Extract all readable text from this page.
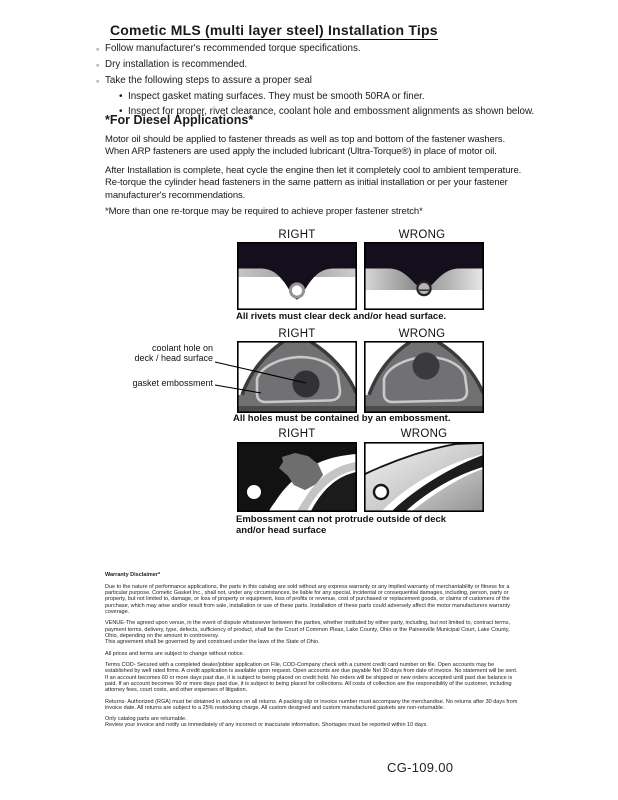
Cometic MLS (multi layer steel) Installation Tips
◦
Follow manufacturer's recommended torque specifications.
◦
Dry installation is recommended.
◦
Take the following steps to assure a proper seal
•
Inspect gasket mating surfaces. They must be smooth 50RA or finer.
•
Inspect for proper, rivet clearance, coolant hole and embossment alignments as shown below.
*For Diesel Applications*
Motor oil should be applied to fastener threads as well as top and bottom of the fastener washers. When ARP fasteners are used apply the included lubricant (Ultra-Torque®) in place of motor oil.
After Installation is complete, heat cycle the engine then let it completely cool to ambient temperature. Re-torque the cylinder head fasteners in the same pattern as initial installation or per your fastener manufacturer's recommendations.
*More than one re-torque may be required to achieve proper fastener stretch*
RIGHT	WRONG
All rivets must clear deck and/or head surface.
RIGHT	WRONG
coolant hole on
deck / head surface
gasket embossment
All holes must be contained by an embossment.
RIGHT	WRONG
Embossment can not protrude outside of deck
and/or head surface
Warranty Disclaimer*
Due to the nature of performance applications, the parts in this catalog are sold without any express warranty or any implied warranty of merchantability or fitness for a particular purpose. Cometic Gasket Inc., shall not, under any circumstances, be liable for any special, incidental or consequential damages, including, person, party or property, but not limited to, damage, or loss of property or equipment, loss of profits or revenue, cost of purchased or replacement goods, or claims of customers of the purchase, which may arise and/or result from sale, installation or use of these parts. Installation of these parts could adversely affect the motor manufacturers warranty coverage.
VENUE-The agreed upon venue, in the event of dispute whatsoever between the parties, whether instituted by either party, including, but not limited to, contract terms, payment terms, delivery, type, defects, sufficiency of product, shall be the Court of Common Pleas, Lake County, Ohio or the Painesville Municipal Court, Lake County, Ohio, depending on the amount in controversy.
This agreement shall be governed by and construed under the laws of the State of Ohio.
All prices and terms are subject to change without notice.
Terms COD- Secured with a completed dealer/jobber application on File, COD-Company check with a current credit card number on file. Open accounts may be established by well rated firms. A credit application is available upon request. Open accounts are due payable Net 30 days from date of invoice. No statement will be sent. If an account becomes 60 or more days past due, it is subject to being placed on credit hold. No orders will be shipped or new orders accepted until past due balance is paid. If an account becomes 90 or more days past due, it is subject to being placed for collections. All costs of collection are the responsibility of the customer, including attorney fees, court costs, and other expenses of litigation.
Returns- Authorized (RGA) must be obtained in advance on all returns. A packing slip or invoice number must accompany the merchandise. No returns after 30 days from invoice date. All returns are subject to a 25% restocking charge. All custom designed and custom manufactured gaskets are non-returnable.
Only catalog parts are returnable.
Review your invoice and notify us immediately of any incorrect or inaccurate information. Shortages must be reported within 10 days.
CG-109.00
